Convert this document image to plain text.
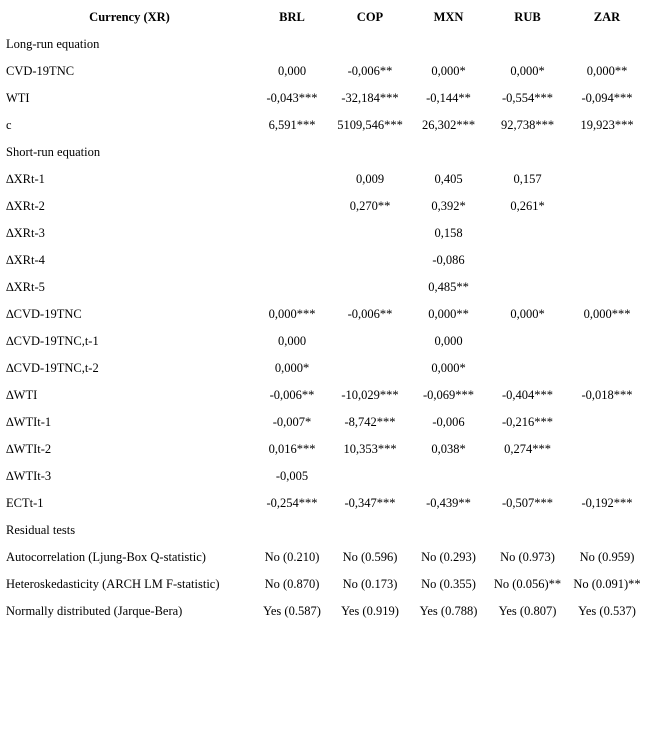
Currency (XR)	BRL	COP	MXN	RUB	ZAR
Long-run equation					
CVD-19TNC	0,000	-0,006**	0,000*	0,000*	0,000**
WTI	-0,043***	-32,184***	-0,144**	-0,554***	-0,094***
c	6,591***	5109,546***	26,302***	92,738***	19,923***
Short-run equation					
∆XRt-1		0,009	0,405	0,157	
∆XRt-2		0,270**	0,392*	0,261*	
∆XRt-3			0,158		
∆XRt-4			-0,086		
∆XRt-5			0,485**		
∆CVD-19TNC	0,000***	-0,006**	0,000**	0,000*	0,000***
∆CVD-19TNC,t-1	0,000		0,000		
∆CVD-19TNC,t-2	0,000*		0,000*		
∆WTI	-0,006**	-10,029***	-0,069***	-0,404***	-0,018***
∆WTIt-1	-0,007*	-8,742***	-0,006	-0,216***	
∆WTIt-2	0,016***	10,353***	0,038*	0,274***	
∆WTIt-3	-0,005				
ECTt-1	-0,254***	-0,347***	-0,439**	-0,507***	-0,192***
Residual tests					
Autocorrelation (Ljung-Box Q-statistic)	No (0.210)	No (0.596)	No (0.293)	No (0.973)	No (0.959)
Heteroskedasticity (ARCH LM F-statistic)	No (0.870)	No (0.173)	No (0.355)	No (0.056)**	No (0.091)**
Normally distributed (Jarque-Bera)	Yes (0.587)	Yes (0.919)	Yes (0.788)	Yes (0.807)	Yes (0.537)
